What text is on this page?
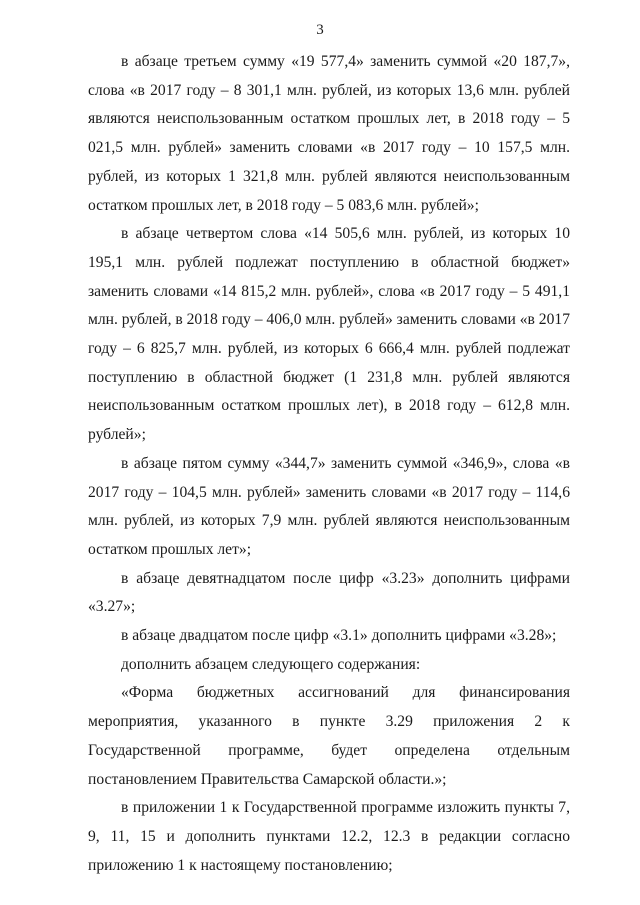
3

в абзаце третьем сумму «19 577,4» заменить суммой «20 187,7», слова «в 2017 году – 8 301,1 млн. рублей, из которых 13,6 млн. рублей являются неиспользованным остатком прошлых лет, в 2018 году – 5 021,5 млн. рублей» заменить словами «в 2017 году – 10 157,5 млн. рублей, из которых 1 321,8 млн. рублей являются неиспользованным остатком прошлых лет, в 2018 году – 5 083,6 млн. рублей»;

в абзаце четвертом слова «14 505,6 млн. рублей, из которых 10 195,1 млн. рублей подлежат поступлению в областной бюджет» заменить словами «14 815,2 млн. рублей», слова «в 2017 году – 5 491,1 млн. рублей, в 2018 году – 406,0 млн. рублей» заменить словами «в 2017 году – 6 825,7 млн. рублей, из которых 6 666,4 млн. рублей подлежат поступлению в областной бюджет (1 231,8 млн. рублей являются неиспользованным остатком прошлых лет), в 2018 году – 612,8 млн. рублей»;

в абзаце пятом сумму «344,7» заменить суммой «346,9», слова «в 2017 году – 104,5 млн. рублей» заменить словами «в 2017 году – 114,6 млн. рублей, из которых 7,9 млн. рублей являются неиспользованным остатком прошлых лет»;

в абзаце девятнадцатом после цифр «3.23» дополнить цифрами «3.27»;

в абзаце двадцатом после цифр «3.1» дополнить цифрами «3.28»;

дополнить абзацем следующего содержания:

«Форма бюджетных ассигнований для финансирования мероприятия, указанного в пункте 3.29 приложения 2 к Государственной программе, будет определена отдельным постановлением Правительства Самарской области.»;

в приложении 1 к Государственной программе изложить пункты 7, 9, 11, 15 и дополнить пунктами 12.2, 12.3 в редакции согласно приложению 1 к настоящему постановлению;
